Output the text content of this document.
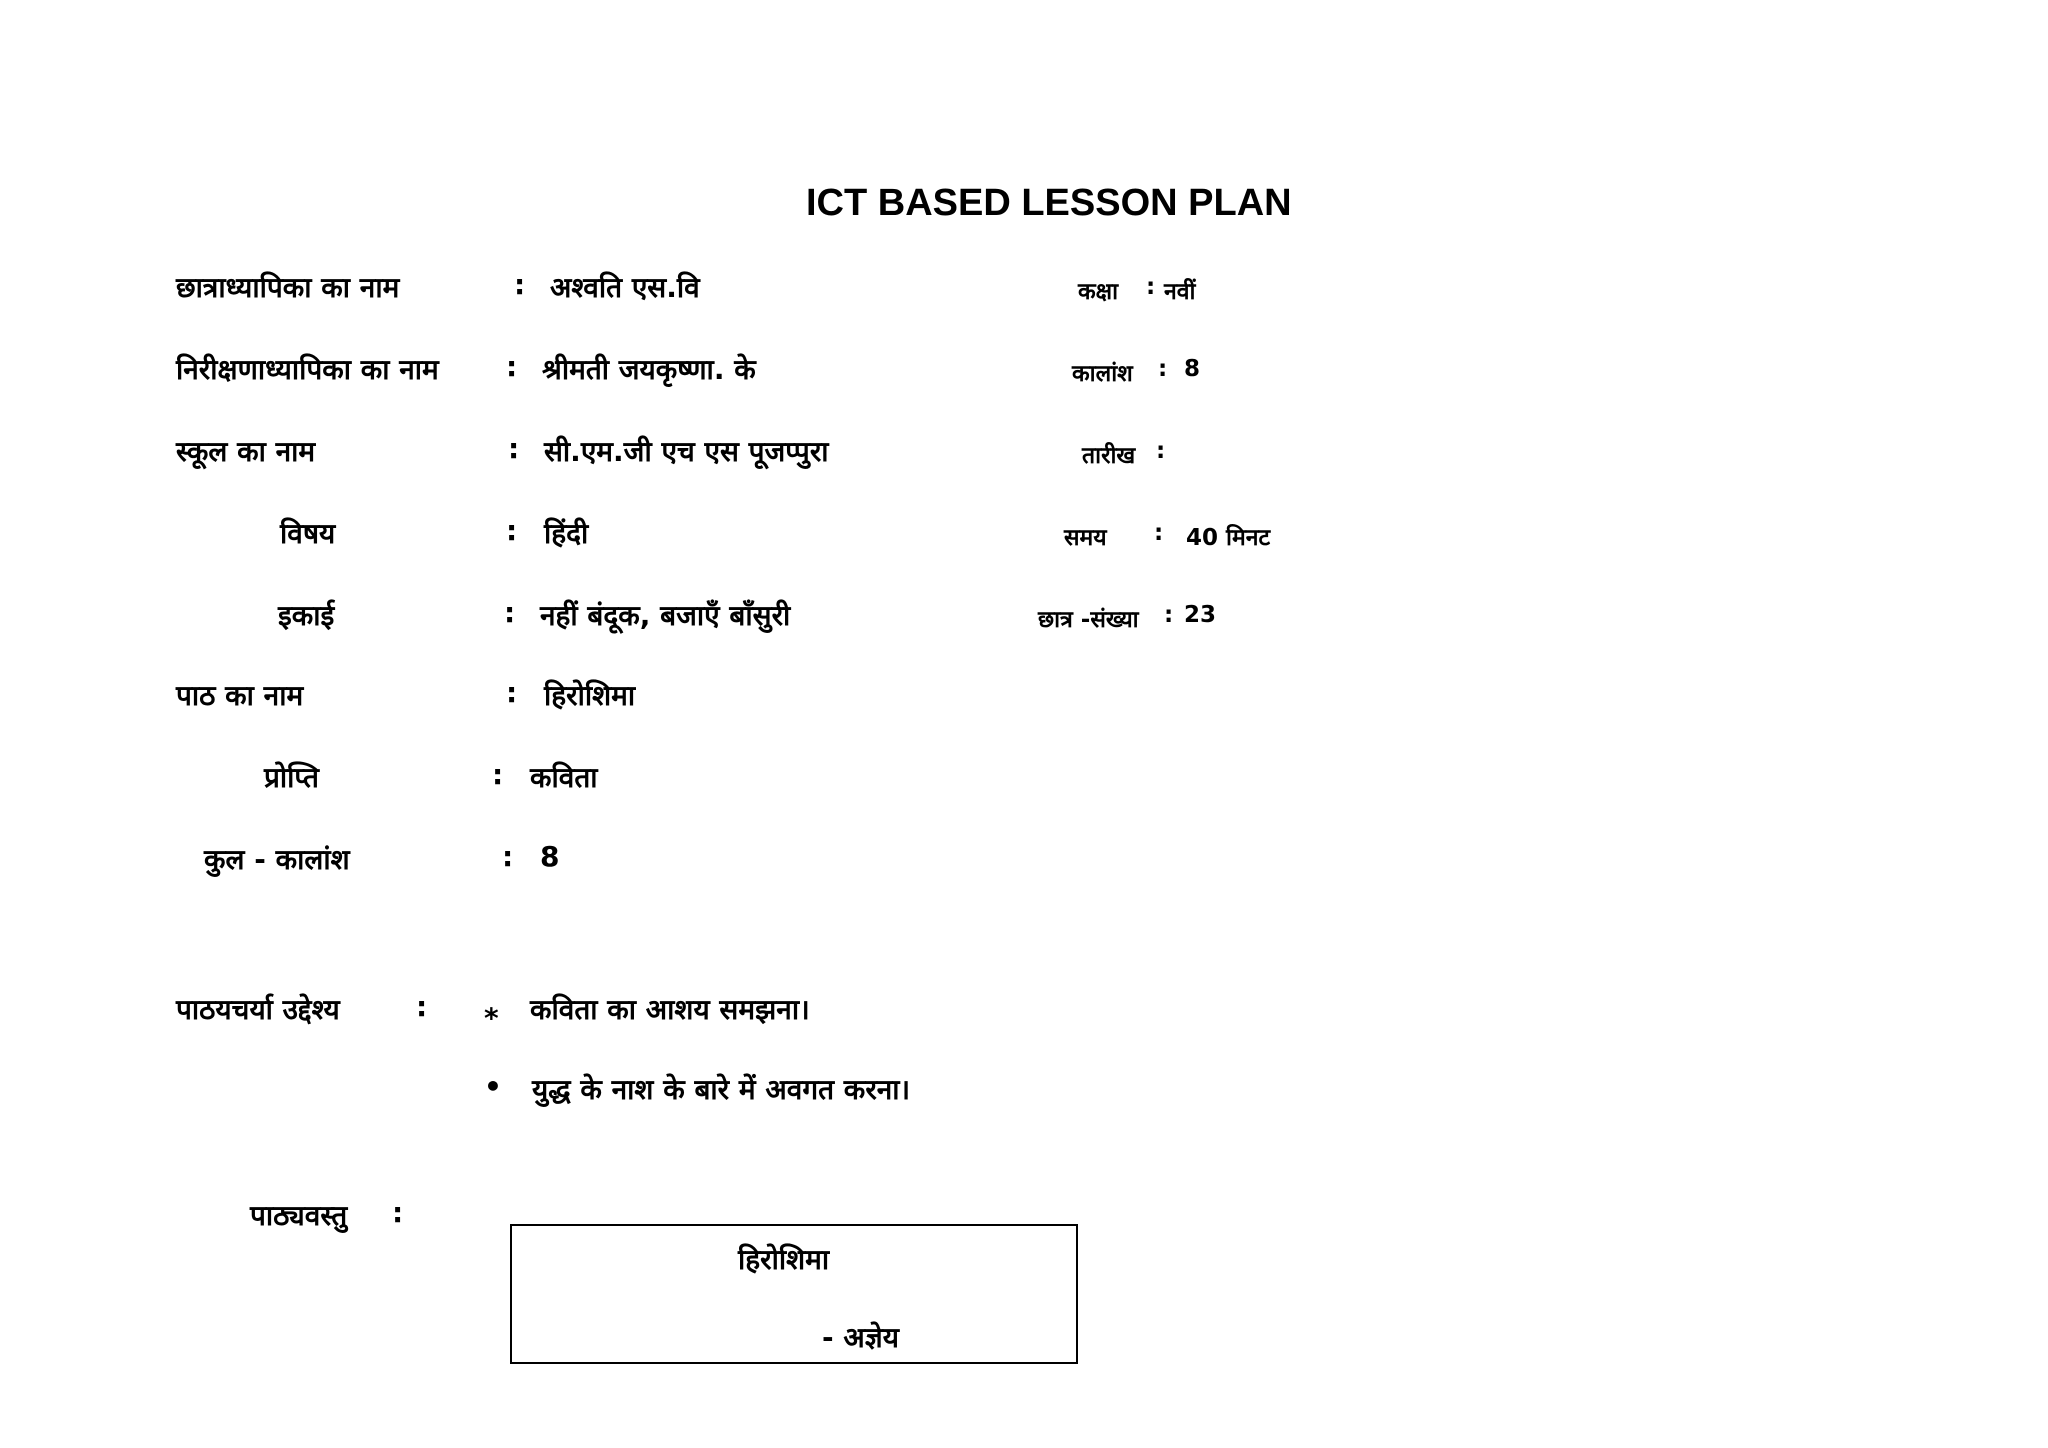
ICT BASED LESSON PLAN
छात्राध्यापिका का नाम	: अश्वति एस.वि
निरीक्षणाध्यापिका का नाम : श्रीमती जयकृष्णा. के
स्कूल का नाम	: सी.एम.जी एच एस पूजप्पुरा
विषय	: हिंदी
इकाई	: नहीं बंदूक, बजाएँ बाँसुरी
पाठ का नाम	: हिरोशिमा
प्रोप्ति	: कविता
कुल - कालांश	: 8
कक्षा : नवीं
कालांश : 8
तारीख :
समय : 40 मिनट
छात्र -संख्या : 23
पाठयचर्या उद्देश्य	: ⁎ कविता का आशय समझना।
• युद्ध के नाश के बारे में अवगत करना।
पाठ्यवस्तु :
हिरोशिमा
- अज्ञेय
